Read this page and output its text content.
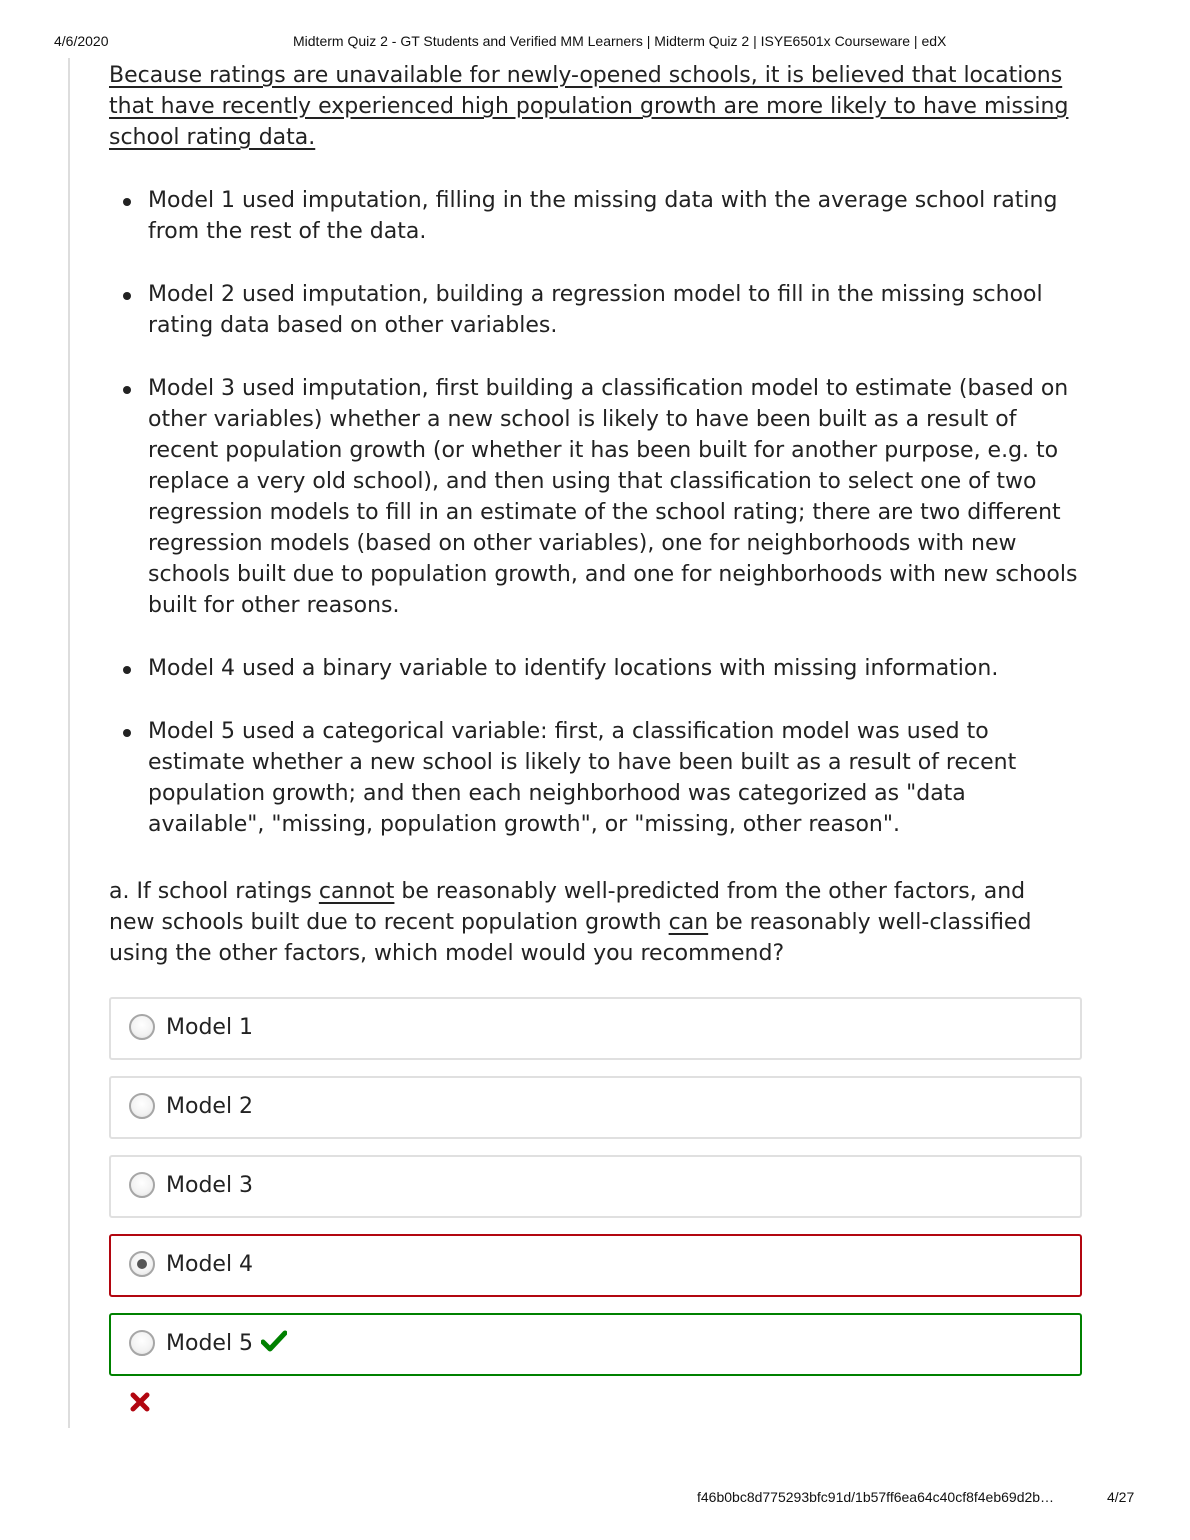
4/6/2020	Midterm Quiz 2 - GT Students and Verified MM Learners | Midterm Quiz 2 | ISYE6501x Courseware | edX

Because ratings are unavailable for newly-opened schools, it is believed that locations that have recently experienced high population growth are more likely to have missing school rating data.

Model 1 used imputation, filling in the missing data with the average school rating from the rest of the data.
Model 2 used imputation, building a regression model to fill in the missing school rating data based on other variables.
Model 3 used imputation, first building a classification model to estimate (based on other variables) whether a new school is likely to have been built as a result of recent population growth (or whether it has been built for another purpose, e.g. to replace a very old school), and then using that classification to select one of two regression models to fill in an estimate of the school rating; there are two different regression models (based on other variables), one for neighborhoods with new schools built due to population growth, and one for neighborhoods with new schools built for other reasons.
Model 4 used a binary variable to identify locations with missing information.
Model 5 used a categorical variable: first, a classification model was used to estimate whether a new school is likely to have been built as a result of recent population growth; and then each neighborhood was categorized as "data available", "missing, population growth", or "missing, other reason".

a. If school ratings cannot be reasonably well-predicted from the other factors, and new schools built due to recent population growth can be reasonably well-classified using the other factors, which model would you recommend?

Model 1
Model 2
Model 3
Model 4
Model 5
f46b0bc8d775293bfc91d/1b57ff6ea64c40cf8f4eb69d2b…	4/27
